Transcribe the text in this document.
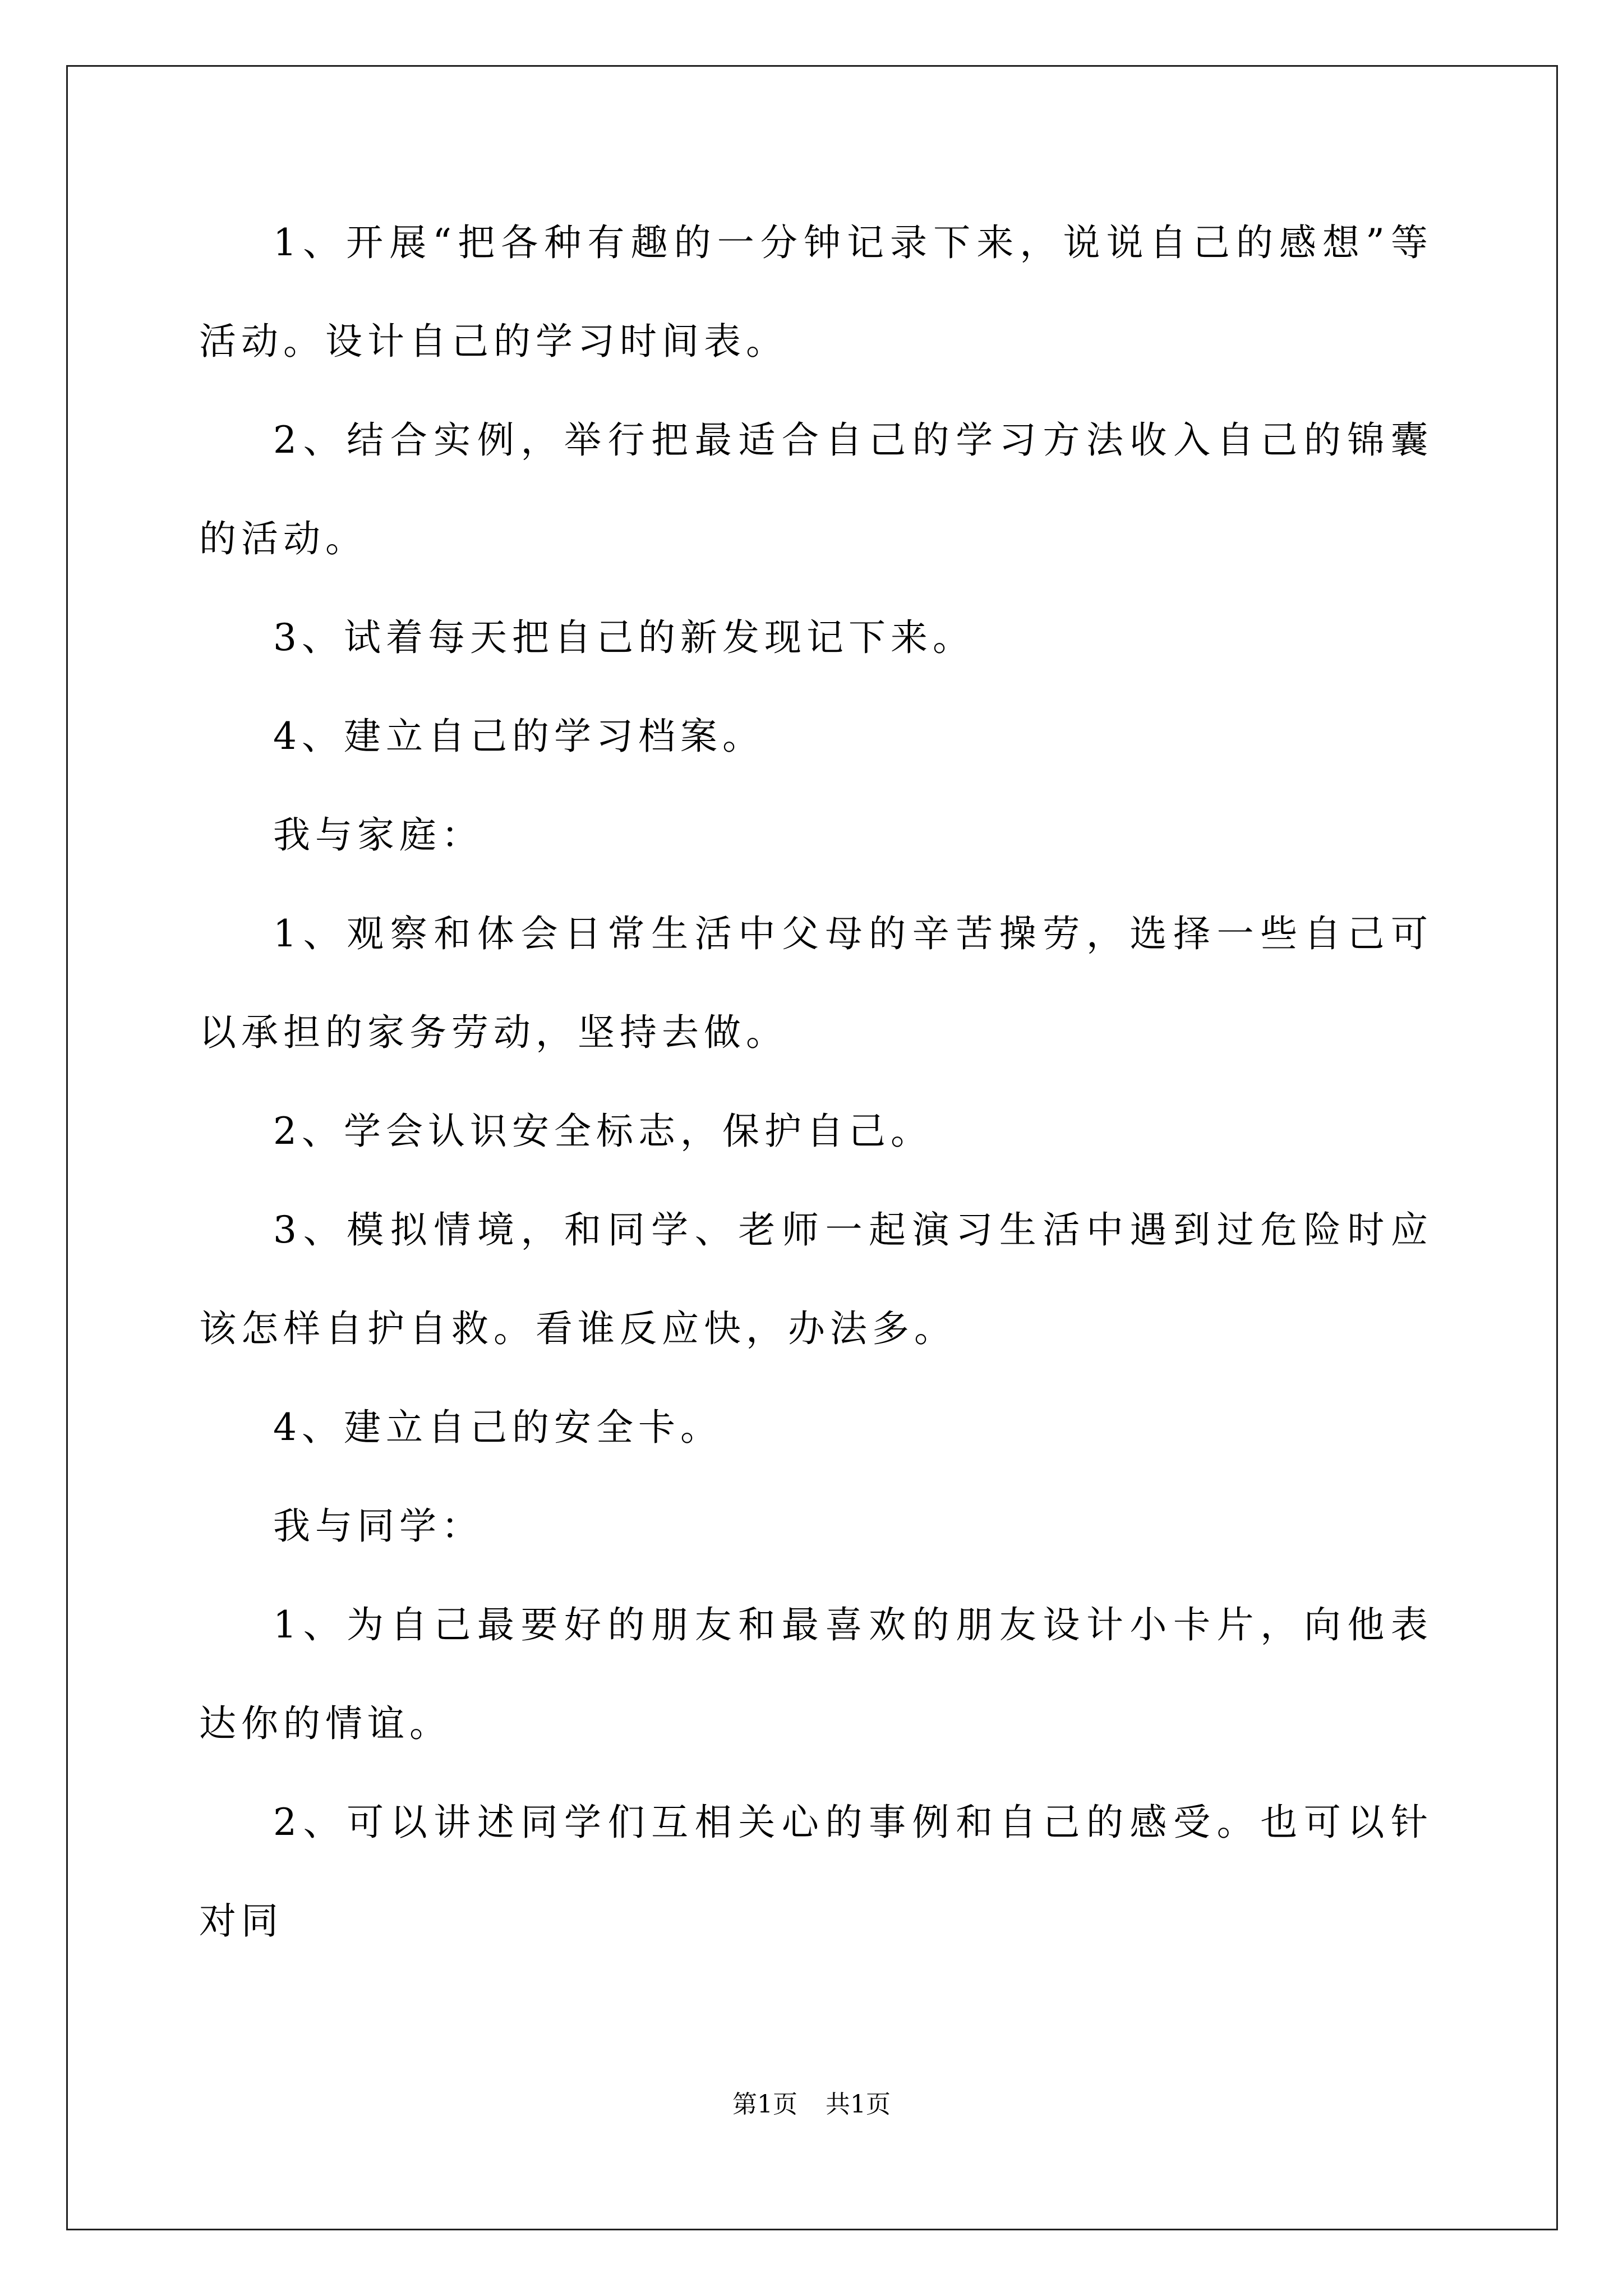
1、开展“把各种有趣的一分钟记录下来，说说自己的感想”等活动。设计自己的学习时间表。

2、结合实例，举行把最适合自己的学习方法收入自己的锦囊的活动。

3、试着每天把自己的新发现记下来。

4、建立自己的学习档案。

我与家庭：

1、观察和体会日常生活中父母的辛苦操劳，选择一些自己可以承担的家务劳动，坚持去做。

2、学会认识安全标志，保护自己。

3、模拟情境，和同学、老师一起演习生活中遇到过危险时应该怎样自护自救。看谁反应快，办法多。

4、建立自己的安全卡。

我与同学：

1、为自己最要好的朋友和最喜欢的朋友设计小卡片，向他表达你的情谊。

2、可以讲述同学们互相关心的事例和自己的感受。也可以针对同

第1页 共1页
